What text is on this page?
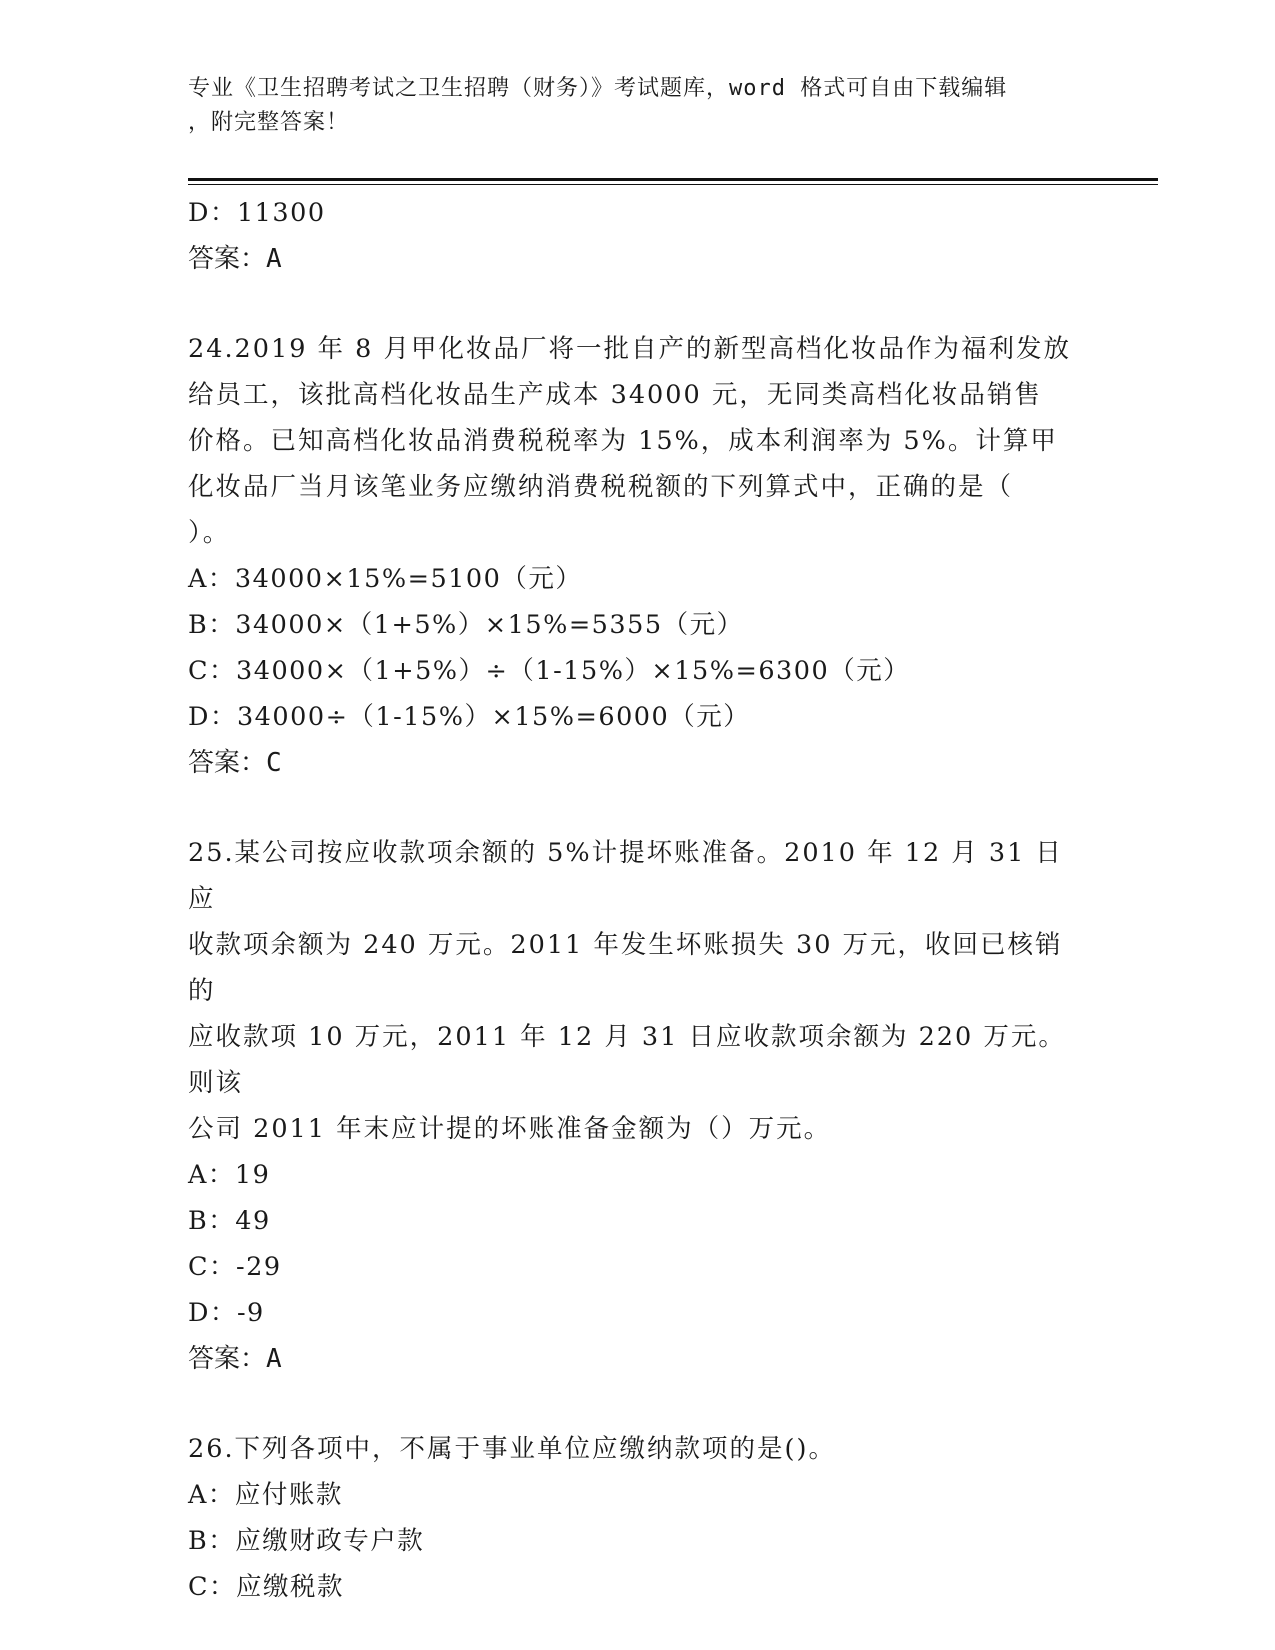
专业《卫生招聘考试之卫生招聘（财务）》考试题库，word 格式可自由下载编辑
，附完整答案！
D：11300
答案：A
24.2019 年 8 月甲化妆品厂将一批自产的新型高档化妆品作为福利发放
给员工，该批高档化妆品生产成本 34000 元，无同类高档化妆品销售
价格。已知高档化妆品消费税税率为 15%，成本利润率为 5%。计算甲
化妆品厂当月该笔业务应缴纳消费税税额的下列算式中，正确的是（
）。
A：34000×15%=5100（元）
B：34000×（1+5%）×15%=5355（元）
C：34000×（1+5%）÷（1-15%）×15%=6300（元）
D：34000÷（1-15%）×15%=6000（元）
答案：C
25.某公司按应收款项余额的 5%计提坏账准备。2010 年 12 月 31 日应
收款项余额为 240 万元。2011 年发生坏账损失 30 万元，收回已核销的
应收款项 10 万元，2011 年 12 月 31 日应收款项余额为 220 万元。则该
公司 2011 年末应计提的坏账准备金额为（）万元。
A：19
B：49
C：-29
D：-9
答案：A
26.下列各项中，不属于事业单位应缴纳款项的是()。
A：应付账款
B：应缴财政专户款
C：应缴税款
